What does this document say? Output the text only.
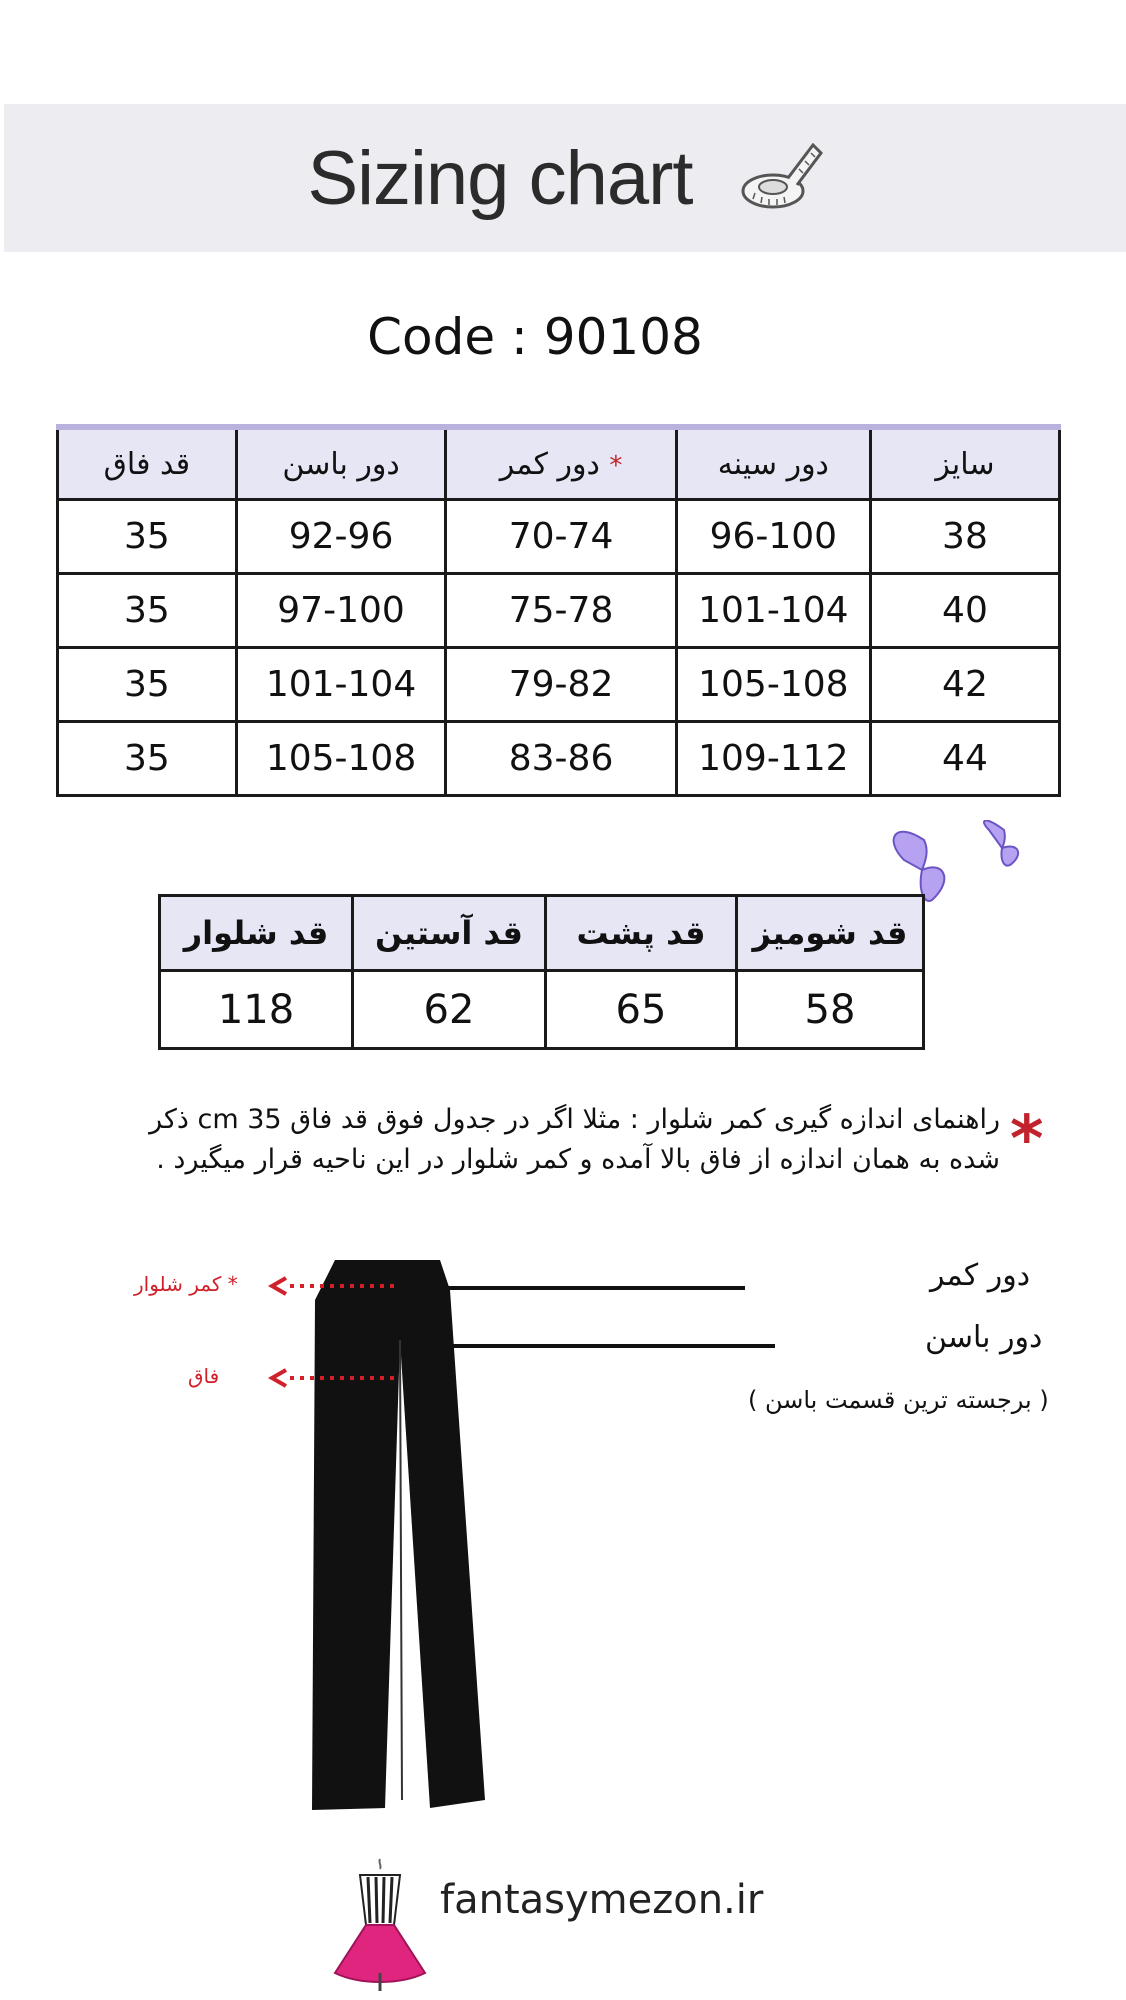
Sizing chart
Code : 90108
قد فاق	دور باسن	دور کمر *	دور سینه	سایز
35	92-96	70-74	96-100	38
35	97-100	75-78	101-104	40
35	101-104	79-82	105-108	42
35	105-108	83-86	109-112	44
قد شلوار	قد آستین	قد پشت	قد شومیز
118	62	65	58
*
راهنمای اندازه گیری کمر شلوار : مثلا اگر در جدول فوق قد فاق 35 cm ذکر
شده به همان اندازه از فاق بالا آمده و کمر شلوار در این ناحیه قرار میگیرد .
دور کمر
دور باسن
( برجسته ترین قسمت باسن )
* کمر شلوار
فاق
fantasymezon.ir
